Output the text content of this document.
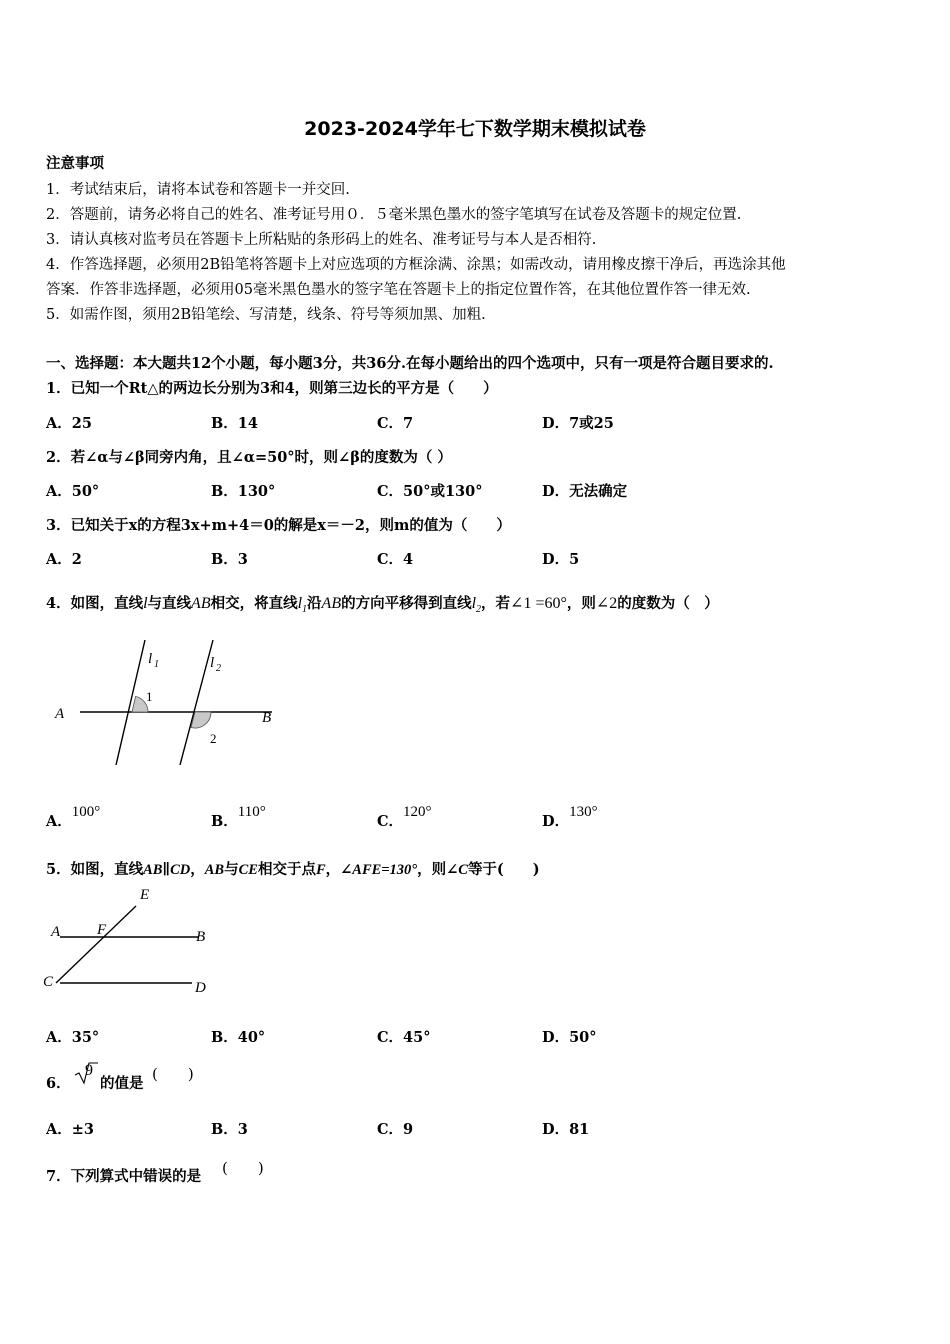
2023-2024学年七下数学期末模拟试卷
注意事项
1．考试结束后，请将本试卷和答题卡一并交回.
2．答题前，请务必将自己的姓名、准考证号用０．５毫米黑色墨水的签字笔填写在试卷及答题卡的规定位置.
3．请认真核对监考员在答题卡上所粘贴的条形码上的姓名、准考证号与本人是否相符.
4．作答选择题，必须用2B铅笔将答题卡上对应选项的方框涂满、涂黑；如需改动，请用橡皮擦干净后，再选涂其他
答案．作答非选择题，必须用05毫米黑色墨水的签字笔在答题卡上的指定位置作答，在其他位置作答一律无效.
5．如需作图，须用2B铅笔绘、写清楚，线条、符号等须加黑、加粗.
一、选择题：本大题共12个小题，每小题3分，共36分.在每小题给出的四个选项中，只有一项是符合题目要求的.
1．已知一个Rt△的两边长分别为3和4，则第三边长的平方是（　　）
A．25	B．14	C．7	D．7或25
2．若∠α与∠β同旁内角，且∠α=50°时，则∠β的度数为（ ）
A．50°	B．130°	C．50°或130°	D．无法确定
3．已知关于x的方程3x+m+4＝0的解是x＝－2，则m的值为（　　）
A．2	B．3	C．4	D．5
4．如图，直线l与直线AB相交，将直线$l_1$沿AB的方向平移得到直线$l_2$，若∠1 =60°，则∠2的度数为（　）
A	B
l 1	l 2
1
2
A．100°
B．110°
C．120°
D．130°
5．如图，直线AB∥CD，AB与CE相交于点F，∠AFE=130°，则∠C等于(　　)
E
A F	B
C	D
A．35°	B．40°	C．45°	D．50°
6．
9
的值是
(　　)
A．±3	B．3	C．9	D．81
7．下列算式中错误的是 (　　)
